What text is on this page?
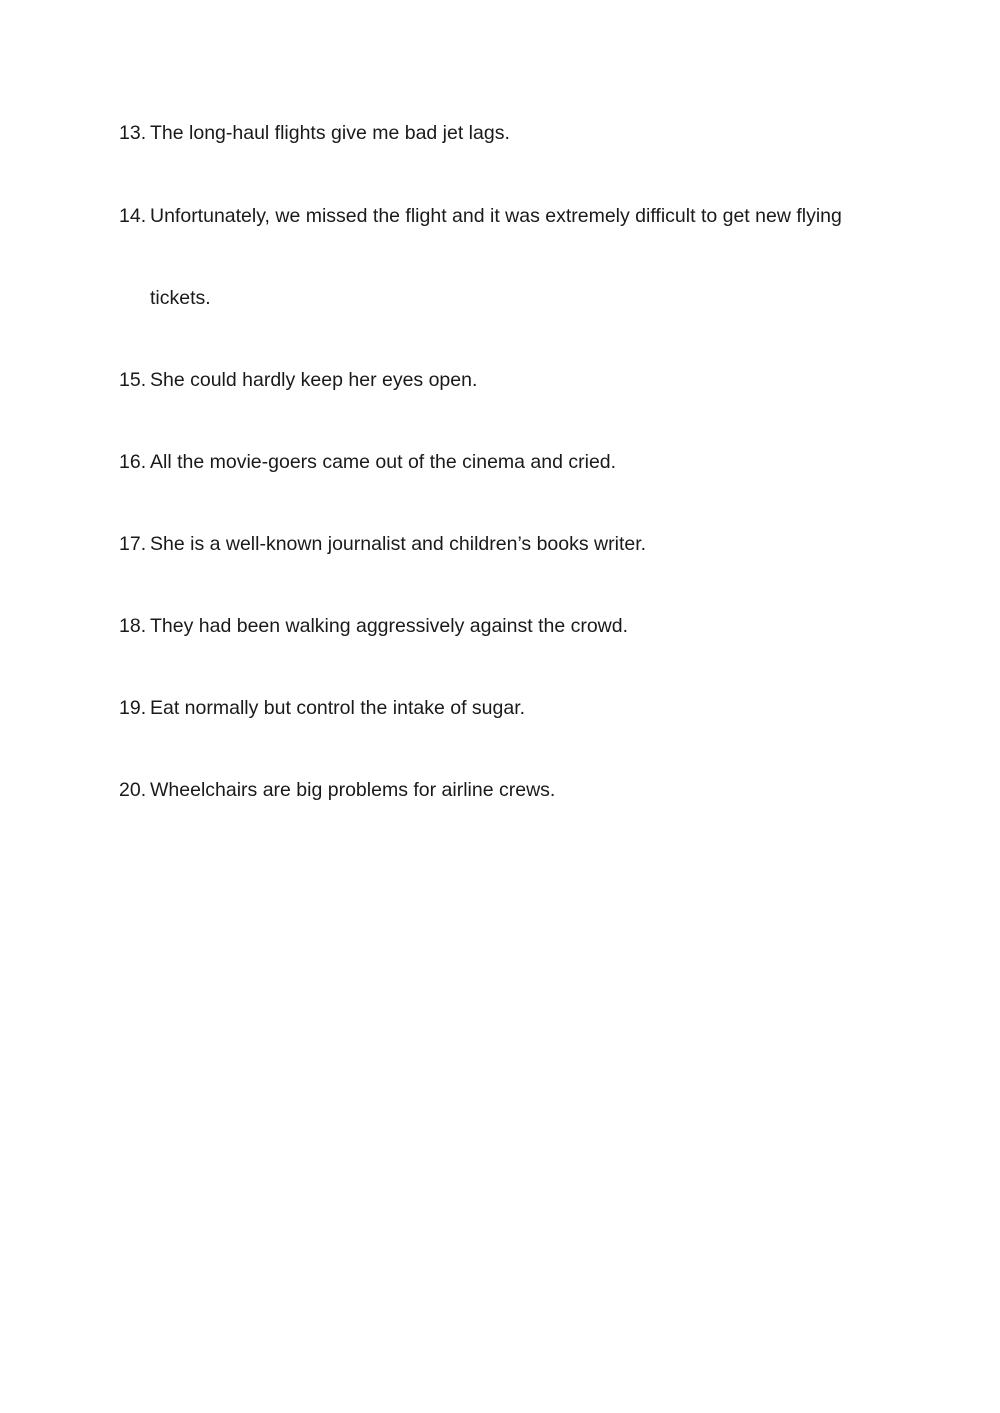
13. The long-haul flights give me bad jet lags.
14. Unfortunately, we missed the flight and it was extremely difficult to get new flying
tickets.
15. She could hardly keep her eyes open.
16. All the movie-goers came out of the cinema and cried.
17. She is a well-known journalist and children’s books writer.
18. They had been walking aggressively against the crowd.
19. Eat normally but control the intake of sugar.
20. Wheelchairs are big problems for airline crews.
